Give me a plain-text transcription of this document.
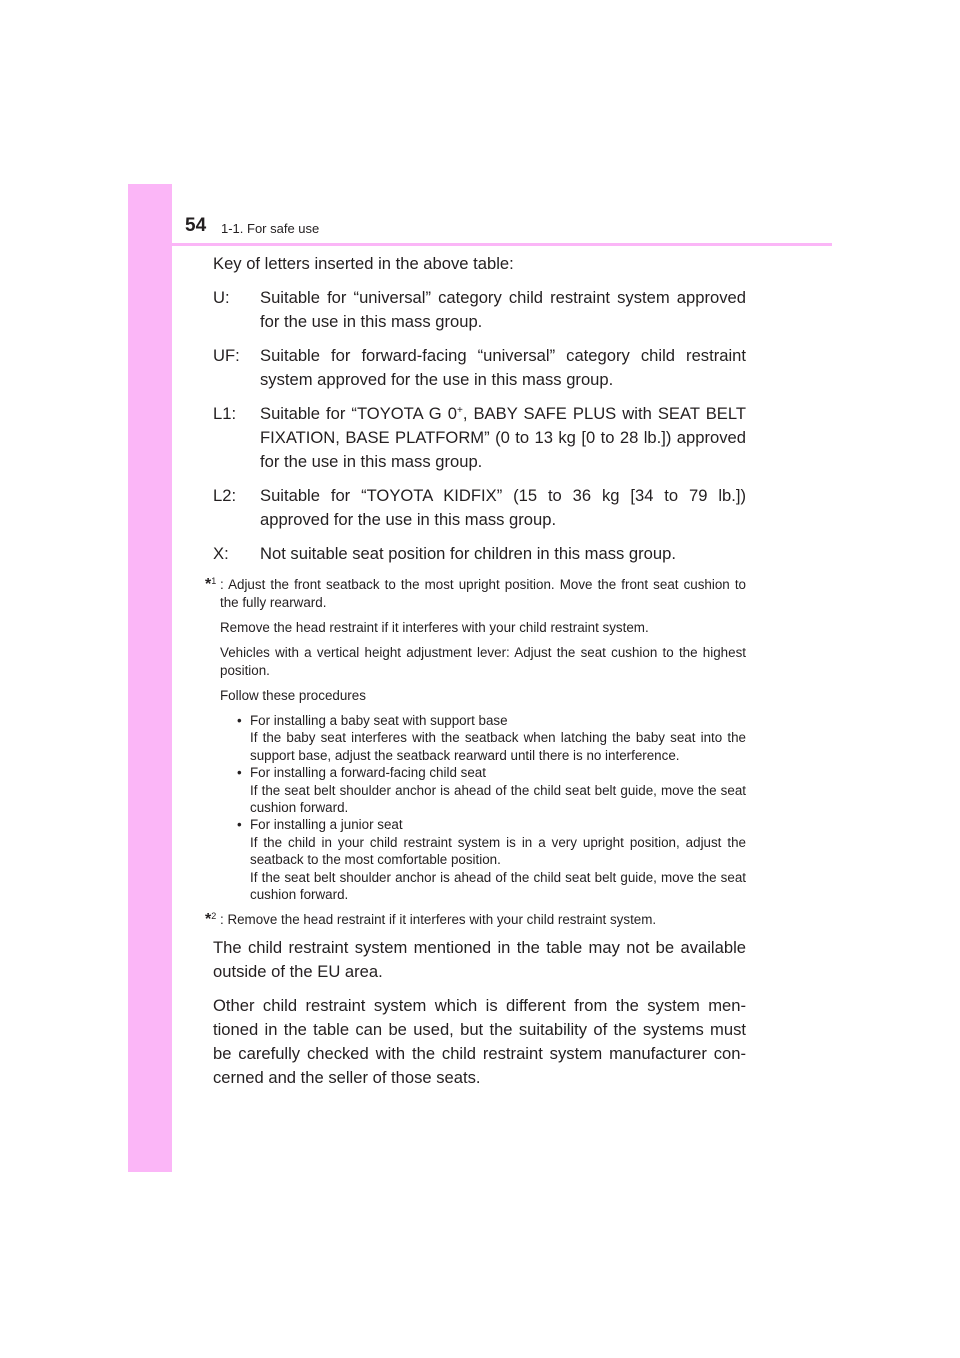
54 1-1. For safe use

Key of letters inserted in the above table:

U: Suitable for “universal” category child restraint system approved for the use in this mass group.
UF: Suitable for forward-facing “universal” category child restraint system approved for the use in this mass group.
L1: Suitable for “TOYOTA G 0+, BABY SAFE PLUS with SEAT BELT FIXATION, BASE PLATFORM” (0 to 13 kg [0 to 28 lb.]) approved for the use in this mass group.
L2: Suitable for “TOYOTA KIDFIX” (15 to 36 kg [34 to 79 lb.]) approved for the use in this mass group.
X: Not suitable seat position for children in this mass group.

*$^1$ : Adjust the front seatback to the most upright position. Move the front seat cushion to the fully rearward.

Remove the head restraint if it interferes with your child restraint system.

Vehicles with a vertical height adjustment lever: Adjust the seat cushion to the highest position.

Follow these procedures

• For installing a baby seat with support base
If the baby seat interferes with the seatback when latching the baby seat into the support base, adjust the seatback rearward until there is no interference.
• For installing a forward-facing child seat
If the seat belt shoulder anchor is ahead of the child seat belt guide, move the seat cushion forward.
• For installing a junior seat
If the child in your child restraint system is in a very upright position, adjust the seatback to the most comfortable position.
If the seat belt shoulder anchor is ahead of the child seat belt guide, move the seat cushion forward.

*$^2$ : Remove the head restraint if it interferes with your child restraint system.

The child restraint system mentioned in the table may not be available outside of the EU area.

Other child restraint system which is different from the system men-tioned in the table can be used, but the suitability of the systems must be carefully checked with the child restraint system manufacturer con-cerned and the seller of those seats.
